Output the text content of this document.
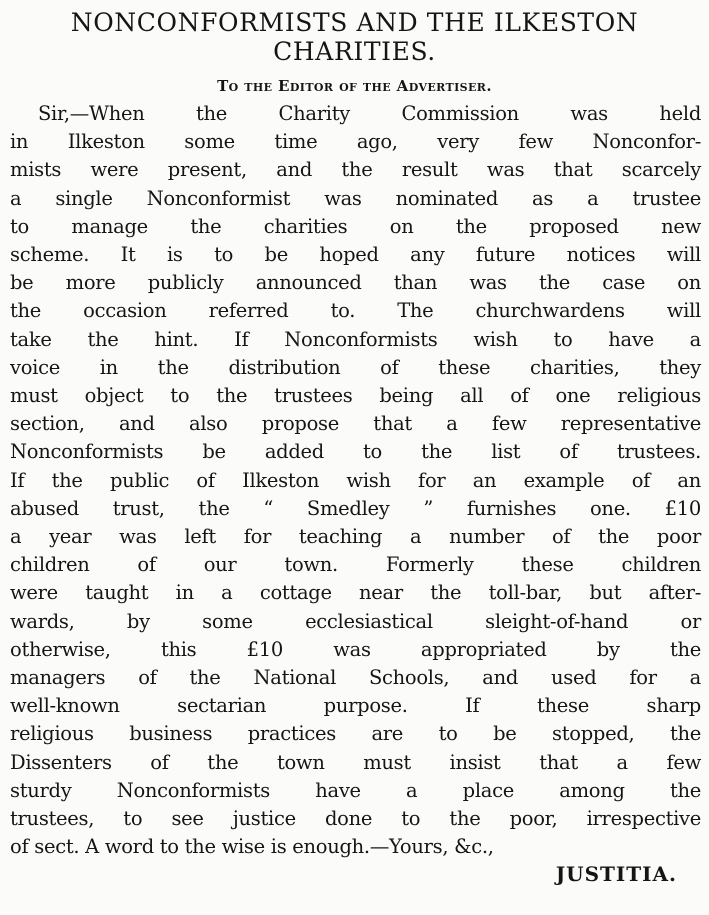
NONCONFORMISTS AND THE ILKESTON
CHARITIES.
To the Editor of the Advertiser.
Sir,—When the Charity Commission was held
in Ilkeston some time ago, very few Nonconfor-
mists were present, and the result was that scarcely
a single Nonconformist was nominated as a trustee
to manage the charities on the proposed new
scheme. It is to be hoped any future notices will
be more publicly announced than was the case on
the occasion referred to. The churchwardens will
take the hint. If Nonconformists wish to have a
voice in the distribution of these charities, they
must object to the trustees being all of one religious
section, and also propose that a few representative
Nonconformists be added to the list of trustees.
If the public of Ilkeston wish for an example of an
abused trust, the “ Smedley ” furnishes one. £10
a year was left for teaching a number of the poor
children of our town. Formerly these children
were taught in a cottage near the toll-bar, but after-
wards, by some ecclesiastical sleight-of-hand or
otherwise, this £10 was appropriated by the
managers of the National Schools, and used for a
well-known sectarian purpose. If these sharp
religious business practices are to be stopped, the
Dissenters of the town must insist that a few
sturdy Nonconformists have a place among the
trustees, to see justice done to the poor, irrespective
of sect. A word to the wise is enough.—Yours, &c.,
JUSTITIA.
